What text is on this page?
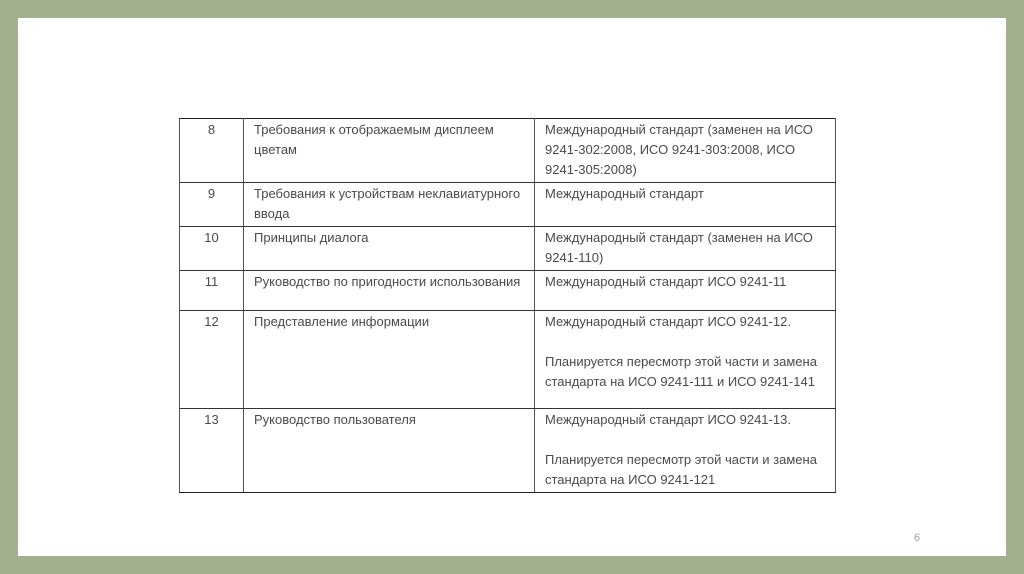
8	Требования к отображаемым дисплеем цветам	Международный стандарт (заменен на ИСО 9241-302:2008, ИСО 9241-303:2008, ИСО 9241-305:2008)
9	Требования к устройствам неклавиатурного ввода	Международный стандарт
10	Принципы диалога	Международный стандарт (заменен на ИСО 9241-110)
11	Руководство по пригодности использования	Международный стандарт ИСО 9241-11
12	Представление информации	Международный стандарт ИСО 9241-12.
Планируется пересмотр этой части и замена стандарта на ИСО 9241-111 и ИСО 9241-141

13	Руководство пользователя	Международный стандарт ИСО 9241-13.
Планируется пересмотр этой части и замена стандарта на ИСО 9241-121
6
